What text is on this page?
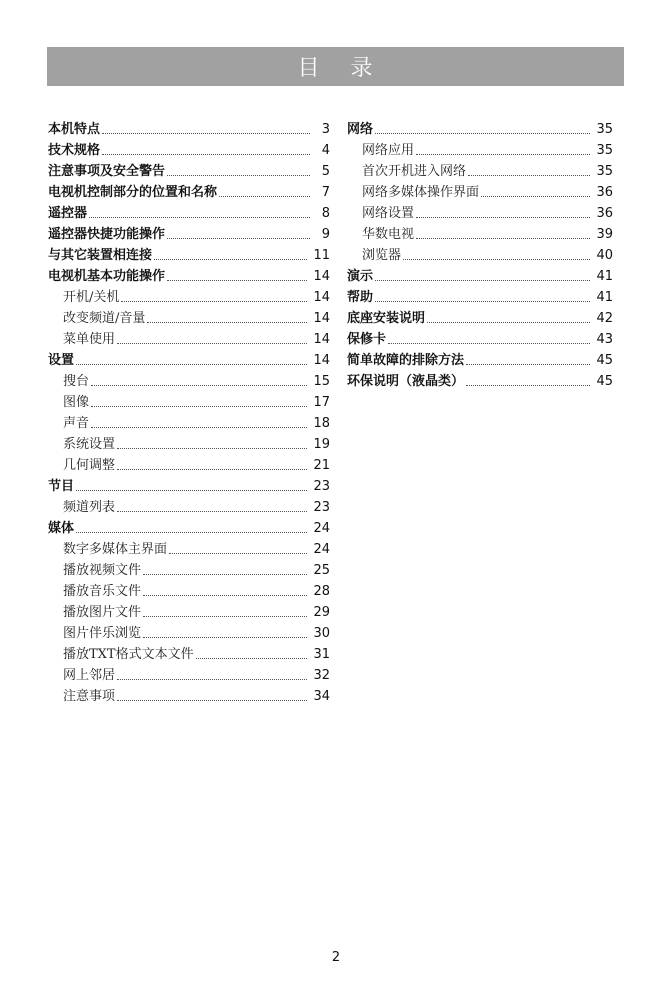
目 录
本机特点	3
技术规格	4
注意事项及安全警告	5
电视机控制部分的位置和名称	7
遥控器	8
遥控器快捷功能操作	9
与其它装置相连接	11
电视机基本功能操作	14
开机/关机	14
改变频道/音量	14
菜单使用	14
设置	14
搜台	15
图像	17
声音	18
系统设置	19
几何调整	21
节目	23
频道列表	23
媒体	24
数字多媒体主界面	24
播放视频文件	25
播放音乐文件	28
播放图片文件	29
图片伴乐浏览	30
播放TXT格式文本文件	31
网上邻居	32
注意事项	34
网络	35
网络应用	35
首次开机进入网络	35
网络多媒体操作界面	36
网络设置	36
华数电视	39
浏览器	40
演示	41
帮助	41
底座安装说明	42
保修卡	43
简单故障的排除方法	45
环保说明（液晶类）	45
2
